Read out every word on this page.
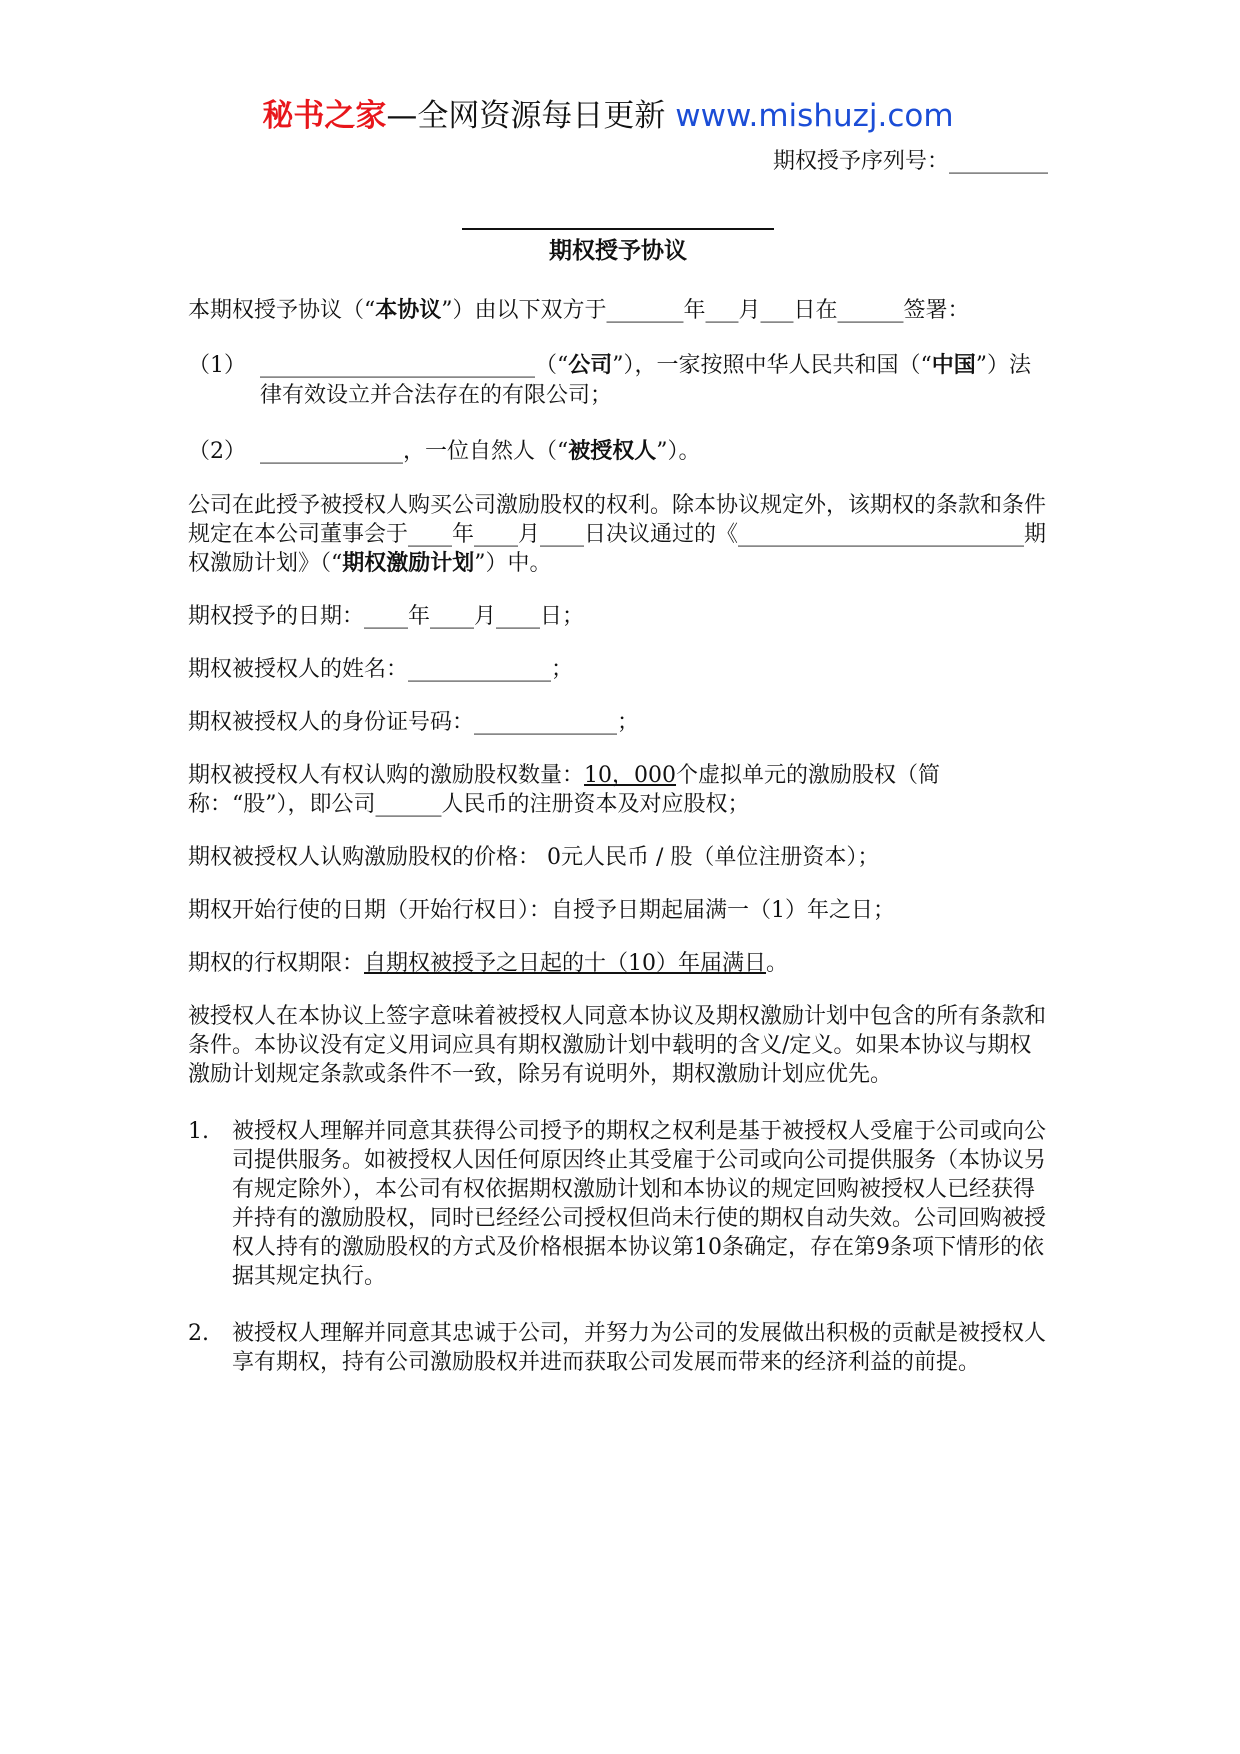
秘书之家—全网资源每日更新 www.mishuzj.com
期权授予序列号：_________
期权授予协议

本期权授予协议（“本协议”）由以下双方于_______年___月___日在______签署：

（1） _________________________（“公司”），一家按照中华人民共和国（“中国”）法律有效设立并合法存在的有限公司；
（2） _____________，一位自然人（“被授权人”）。

公司在此授予被授权人购买公司激励股权的权利。除本协议规定外，该期权的条款和条件规定在本公司董事会于____年____月____日决议通过的《__________________________期权激励计划》（“期权激励计划”）中。

期权授予的日期：____年____月____日；

期权被授权人的姓名：_____________；

期权被授权人的身份证号码：_____________；

期权被授权人有权认购的激励股权数量：10，000个虚拟单元的激励股权（简称：“股”），即公司______人民币的注册资本及对应股权；

期权被授权人认购激励股权的价格： 0元人民币 / 股（单位注册资本）；

期权开始行使的日期（开始行权日）：自授予日期起届满一（1）年之日；

期权的行权期限：自期权被授予之日起的十（10）年届满日。

被授权人在本协议上签字意味着被授权人同意本协议及期权激励计划中包含的所有条款和条件。本协议没有定义用词应具有期权激励计划中载明的含义/定义。如果本协议与期权激励计划规定条款或条件不一致，除另有说明外，期权激励计划应优先。

1.	被授权人理解并同意其获得公司授予的期权之权利是基于被授权人受雇于公司或向公司提供服务。如被授权人因任何原因终止其受雇于公司或向公司提供服务（本协议另有规定除外），本公司有权依据期权激励计划和本协议的规定回购被授权人已经获得并持有的激励股权，同时已经经公司授权但尚未行使的期权自动失效。公司回购被授权人持有的激励股权的方式及价格根据本协议第10条确定，存在第9条项下情形的依据其规定执行。
2.	被授权人理解并同意其忠诚于公司，并努力为公司的发展做出积极的贡献是被授权人享有期权，持有公司激励股权并进而获取公司发展而带来的经济利益的前提。
